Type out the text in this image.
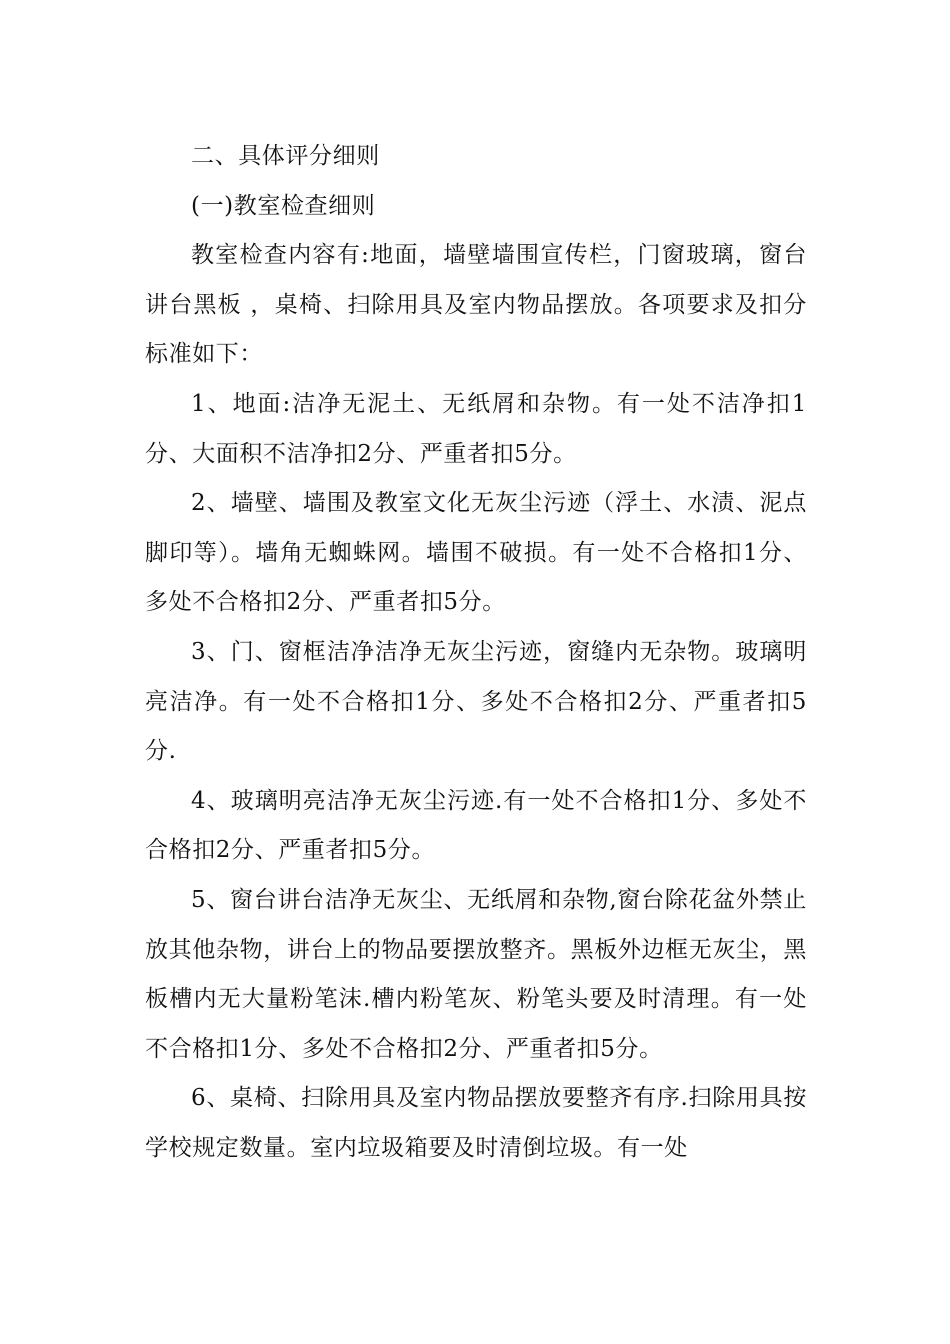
二、具体评分细则

(一)教室检查细则

教室检查内容有:地面，墙壁墙围宣传栏，门窗玻璃，窗台讲台黑板 ，桌椅、扫除用具及室内物品摆放。各项要求及扣分标准如下：

1、地面:洁净无泥土、无纸屑和杂物。有一处不洁净扣1分、大面积不洁净扣2分、严重者扣5分。

2、墙壁、墙围及教室文化无灰尘污迹（浮土、水渍、泥点脚印等）。墙角无蜘蛛网。墙围不破损。有一处不合格扣1分、多处不合格扣2分、严重者扣5分。

3、门、窗框洁净洁净无灰尘污迹，窗缝内无杂物。玻璃明亮洁净。有一处不合格扣1分、多处不合格扣2分、严重者扣5分.

4、玻璃明亮洁净无灰尘污迹.有一处不合格扣1分、多处不合格扣2分、严重者扣5分。

5、窗台讲台洁净无灰尘、无纸屑和杂物,窗台除花盆外禁止放其他杂物，讲台上的物品要摆放整齐。黑板外边框无灰尘，黑板槽内无大量粉笔沫.槽内粉笔灰、粉笔头要及时清理。有一处不合格扣1分、多处不合格扣2分、严重者扣5分。

6、桌椅、扫除用具及室内物品摆放要整齐有序.扫除用具按学校规定数量。室内垃圾箱要及时清倒垃圾。有一处
